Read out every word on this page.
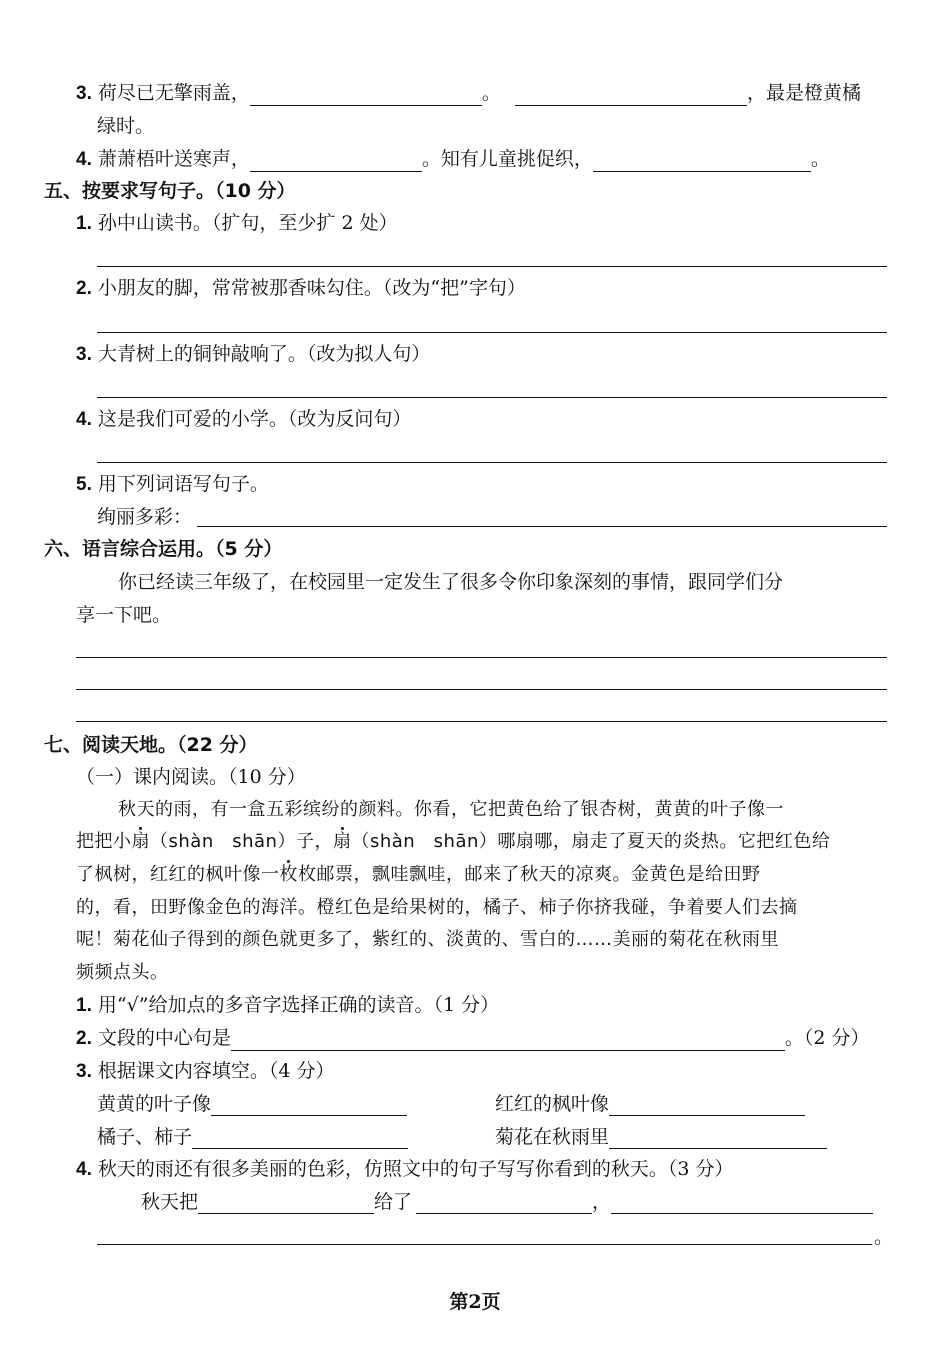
3. 荷尽已无擎雨盖，	。	，最是橙黄橘
绿时。
4. 萧萧梧叶送寒声，	。知有儿童挑促织，	。
五、按要求写句子。（10 分）
1. 孙中山读书。（扩句，至少扩 2 处）
2. 小朋友的脚，常常被那香味勾住。（改为“把”字句）
3. 大青树上的铜钟敲响了。（改为拟人句）
4. 这是我们可爱的小学。（改为反问句）
5. 用下列词语写句子。
绚丽多彩：
六、语言综合运用。（5 分）
你已经读三年级了，在校园里一定发生了很多令你印象深刻的事情，跟同学们分
享一下吧。
七、阅读天地。（22 分）
（一）课内阅读。（10 分）
秋天的雨，有一盒五彩缤纷的颜料。你看，它把黄色给了银杏树，黄黄的叶子像一
把把小扇（shàn　shān）子，扇（shàn　shān）哪扇哪，扇走了夏天的炎热。它把红色给
了枫树，红红的枫叶像一枚枚邮票，飘哇飘哇，邮来了秋天的凉爽。金黄色是给田野
的，看，田野像金色的海洋。橙红色是给果树的，橘子、柿子你挤我碰，争着要人们去摘
呢！菊花仙子得到的颜色就更多了，紫红的、淡黄的、雪白的……美丽的菊花在秋雨里
频频点头。
1. 用“√”给加点的多音字选择正确的读音。（1 分）
2. 文段的中心句是	。（2 分）
3. 根据课文内容填空。（4 分）
黄黄的叶子像	红红的枫叶像
橘子、柿子	菊花在秋雨里
4. 秋天的雨还有很多美丽的色彩，仿照文中的句子写写你看到的秋天。（3 分）
秋天把	给了	，
。
第2页
